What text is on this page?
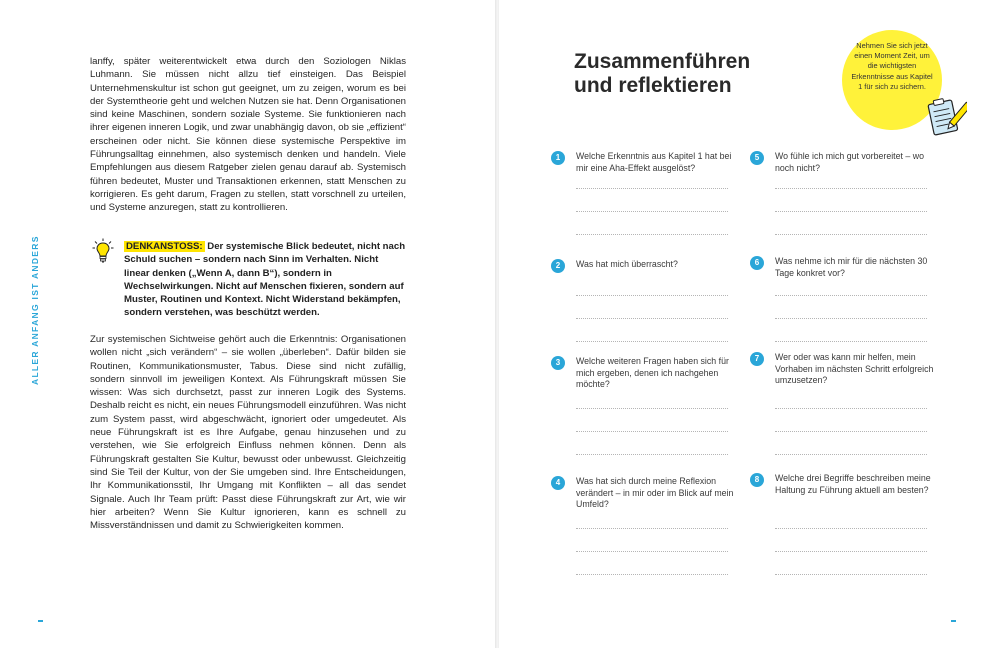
ALLER ANFANG IST ANDERS

lanffy, später weiterentwickelt etwa durch den Soziologen Niklas Luhmann. Sie müssen nicht allzu tief einsteigen. Das Beispiel Unternehmenskultur ist schon gut geeignet, um zu zeigen, worum es bei der Systemtheorie geht und welchen Nutzen sie hat. Denn Organisationen sind keine Maschinen, sondern soziale Systeme. Sie funktionieren nach ihrer eigenen inneren Logik, und zwar unabhängig davon, ob sie „effizient“ erscheinen oder nicht. Sie können diese systemische Perspektive im Führungsalltag einnehmen, also systemisch denken und handeln. Viele Empfehlungen aus diesem Ratgeber zielen genau darauf ab. Systemisch führen bedeutet, Muster und Transaktionen erkennen, statt Menschen zu korrigieren. Es geht darum, Fragen zu stellen, statt vorschnell zu urteilen, und Systeme anzuregen, statt zu kontrollieren.

DENKANSTOSS: Der systemische Blick bedeutet, nicht nach Schuld suchen – sondern nach Sinn im Verhalten. Nicht linear denken („Wenn A, dann B“), sondern in Wechselwirkungen. Nicht auf Menschen fixieren, sondern auf Muster, Routinen und Kontext. Nicht Widerstand bekämpfen, sondern verstehen, was beschützt werden.

Zur systemischen Sichtweise gehört auch die Erkenntnis: Organisationen wollen nicht „sich verändern“ – sie wollen „überleben“. Dafür bilden sie Routinen, Kommunikationsmuster, Tabus. Diese sind nicht zufällig, sondern sinnvoll im jeweiligen Kontext. Als Führungskraft müssen Sie wissen: Was sich durchsetzt, passt zur inneren Logik des Systems. Deshalb reicht es nicht, ein neues Führungsmodell einzuführen. Was nicht zum System passt, wird abgeschwächt, ignoriert oder umgedeutet. Als neue Führungskraft ist es Ihre Aufgabe, genau hinzusehen und zu verstehen, wie Sie erfolgreich Einfluss nehmen können. Denn als Führungskraft gestalten Sie Kultur, bewusst oder unbewusst. Gleichzeitig sind Sie Teil der Kultur, von der Sie umgeben sind. Ihre Entscheidungen, Ihr Kommunikationsstil, Ihr Umgang mit Konflikten – all das sendet Signale. Auch Ihr Team prüft: Passt diese Führungskraft zur Art, wie wir hier arbeiten? Wenn Sie Kultur ignorieren, kann es schnell zu Missverständnissen und damit zu Schwierigkeiten kommen.

Zusammenführen
und reflektieren

Nehmen Sie sich jetzt einen Moment Zeit, um die wichtigsten Erkenntnisse aus Kapitel 1 für sich zu sichern.

1	Welche Erkenntnis aus Kapitel 1 hat bei mir eine Aha-Effekt ausgelöst?

2	Was hat mich überrascht?

3	Welche weiteren Fragen haben sich für mich ergeben, denen ich nachgehen möchte?

4	Was hat sich durch meine Reflexion verändert – in mir oder im Blick auf mein Umfeld?

5	Wo fühle ich mich gut vorbereitet – wo noch nicht?

6	Was nehme ich mir für die nächsten 30 Tage konkret vor?

7	Wer oder was kann mir helfen, mein Vorhaben im nächsten Schritt erfolgreich umzusetzen?

8	Welche drei Begriffe beschreiben meine Haltung zu Führung aktuell am besten?
